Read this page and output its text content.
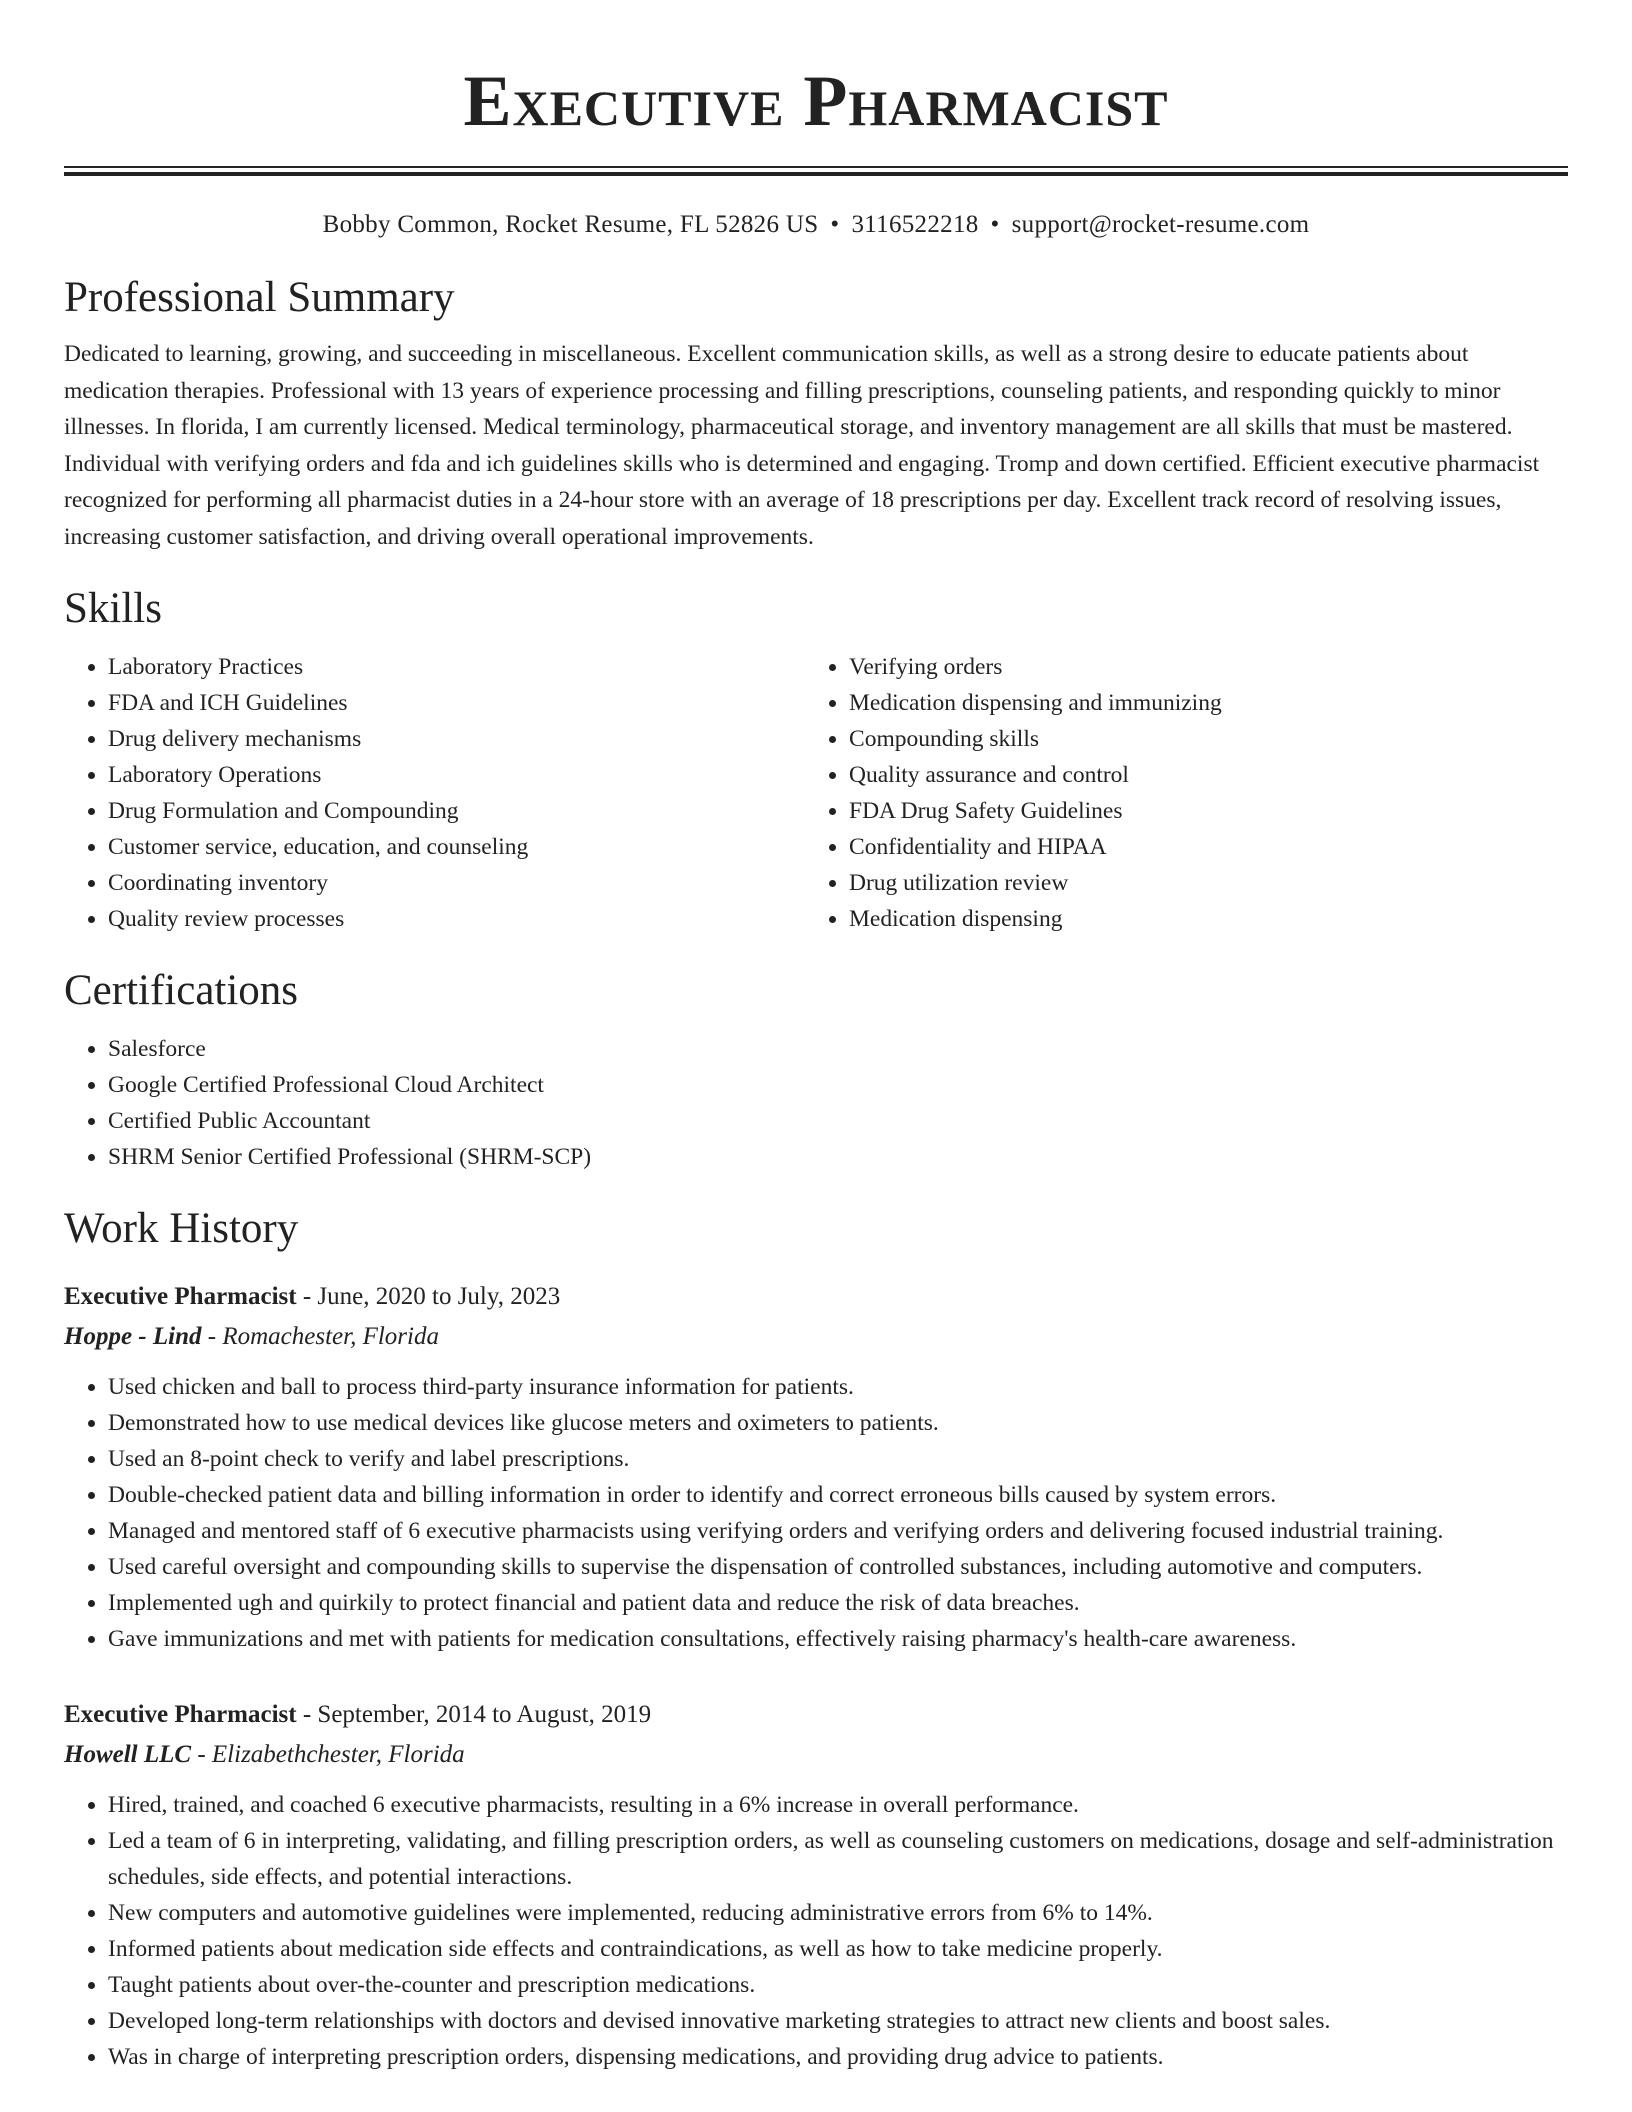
Executive Pharmacist
Bobby Common, Rocket Resume, FL 52826 US • 3116522218 • support@rocket-resume.com
Professional Summary
Dedicated to learning, growing, and succeeding in miscellaneous. Excellent communication skills, as well as a strong desire to educate patients about medication therapies. Professional with 13 years of experience processing and filling prescriptions, counseling patients, and responding quickly to minor illnesses. In florida, I am currently licensed. Medical terminology, pharmaceutical storage, and inventory management are all skills that must be mastered. Individual with verifying orders and fda and ich guidelines skills who is determined and engaging. Tromp and down certified. Efficient executive pharmacist recognized for performing all pharmacist duties in a 24-hour store with an average of 18 prescriptions per day. Excellent track record of resolving issues, increasing customer satisfaction, and driving overall operational improvements.
Skills
• Laboratory Practices
• FDA and ICH Guidelines
• Drug delivery mechanisms
• Laboratory Operations
• Drug Formulation and Compounding
• Customer service, education, and counseling
• Coordinating inventory
• Quality review processes
• Verifying orders
• Medication dispensing and immunizing
• Compounding skills
• Quality assurance and control
• FDA Drug Safety Guidelines
• Confidentiality and HIPAA
• Drug utilization review
• Medication dispensing
Certifications
• Salesforce
• Google Certified Professional Cloud Architect
• Certified Public Accountant
• SHRM Senior Certified Professional (SHRM-SCP)
Work History
Executive Pharmacist - June, 2020 to July, 2023
Hoppe - Lind - Romachester, Florida
• Used chicken and ball to process third-party insurance information for patients.
• Demonstrated how to use medical devices like glucose meters and oximeters to patients.
• Used an 8-point check to verify and label prescriptions.
• Double-checked patient data and billing information in order to identify and correct erroneous bills caused by system errors.
• Managed and mentored staff of 6 executive pharmacists using verifying orders and verifying orders and delivering focused industrial training.
• Used careful oversight and compounding skills to supervise the dispensation of controlled substances, including automotive and computers.
• Implemented ugh and quirkily to protect financial and patient data and reduce the risk of data breaches.
• Gave immunizations and met with patients for medication consultations, effectively raising pharmacy's health-care awareness.
Executive Pharmacist - September, 2014 to August, 2019
Howell LLC - Elizabethchester, Florida
• Hired, trained, and coached 6 executive pharmacists, resulting in a 6% increase in overall performance.
• Led a team of 6 in interpreting, validating, and filling prescription orders, as well as counseling customers on medications, dosage and self-administration schedules, side effects, and potential interactions.
• New computers and automotive guidelines were implemented, reducing administrative errors from 6% to 14%.
• Informed patients about medication side effects and contraindications, as well as how to take medicine properly.
• Taught patients about over-the-counter and prescription medications.
• Developed long-term relationships with doctors and devised innovative marketing strategies to attract new clients and boost sales.
• Was in charge of interpreting prescription orders, dispensing medications, and providing drug advice to patients.
